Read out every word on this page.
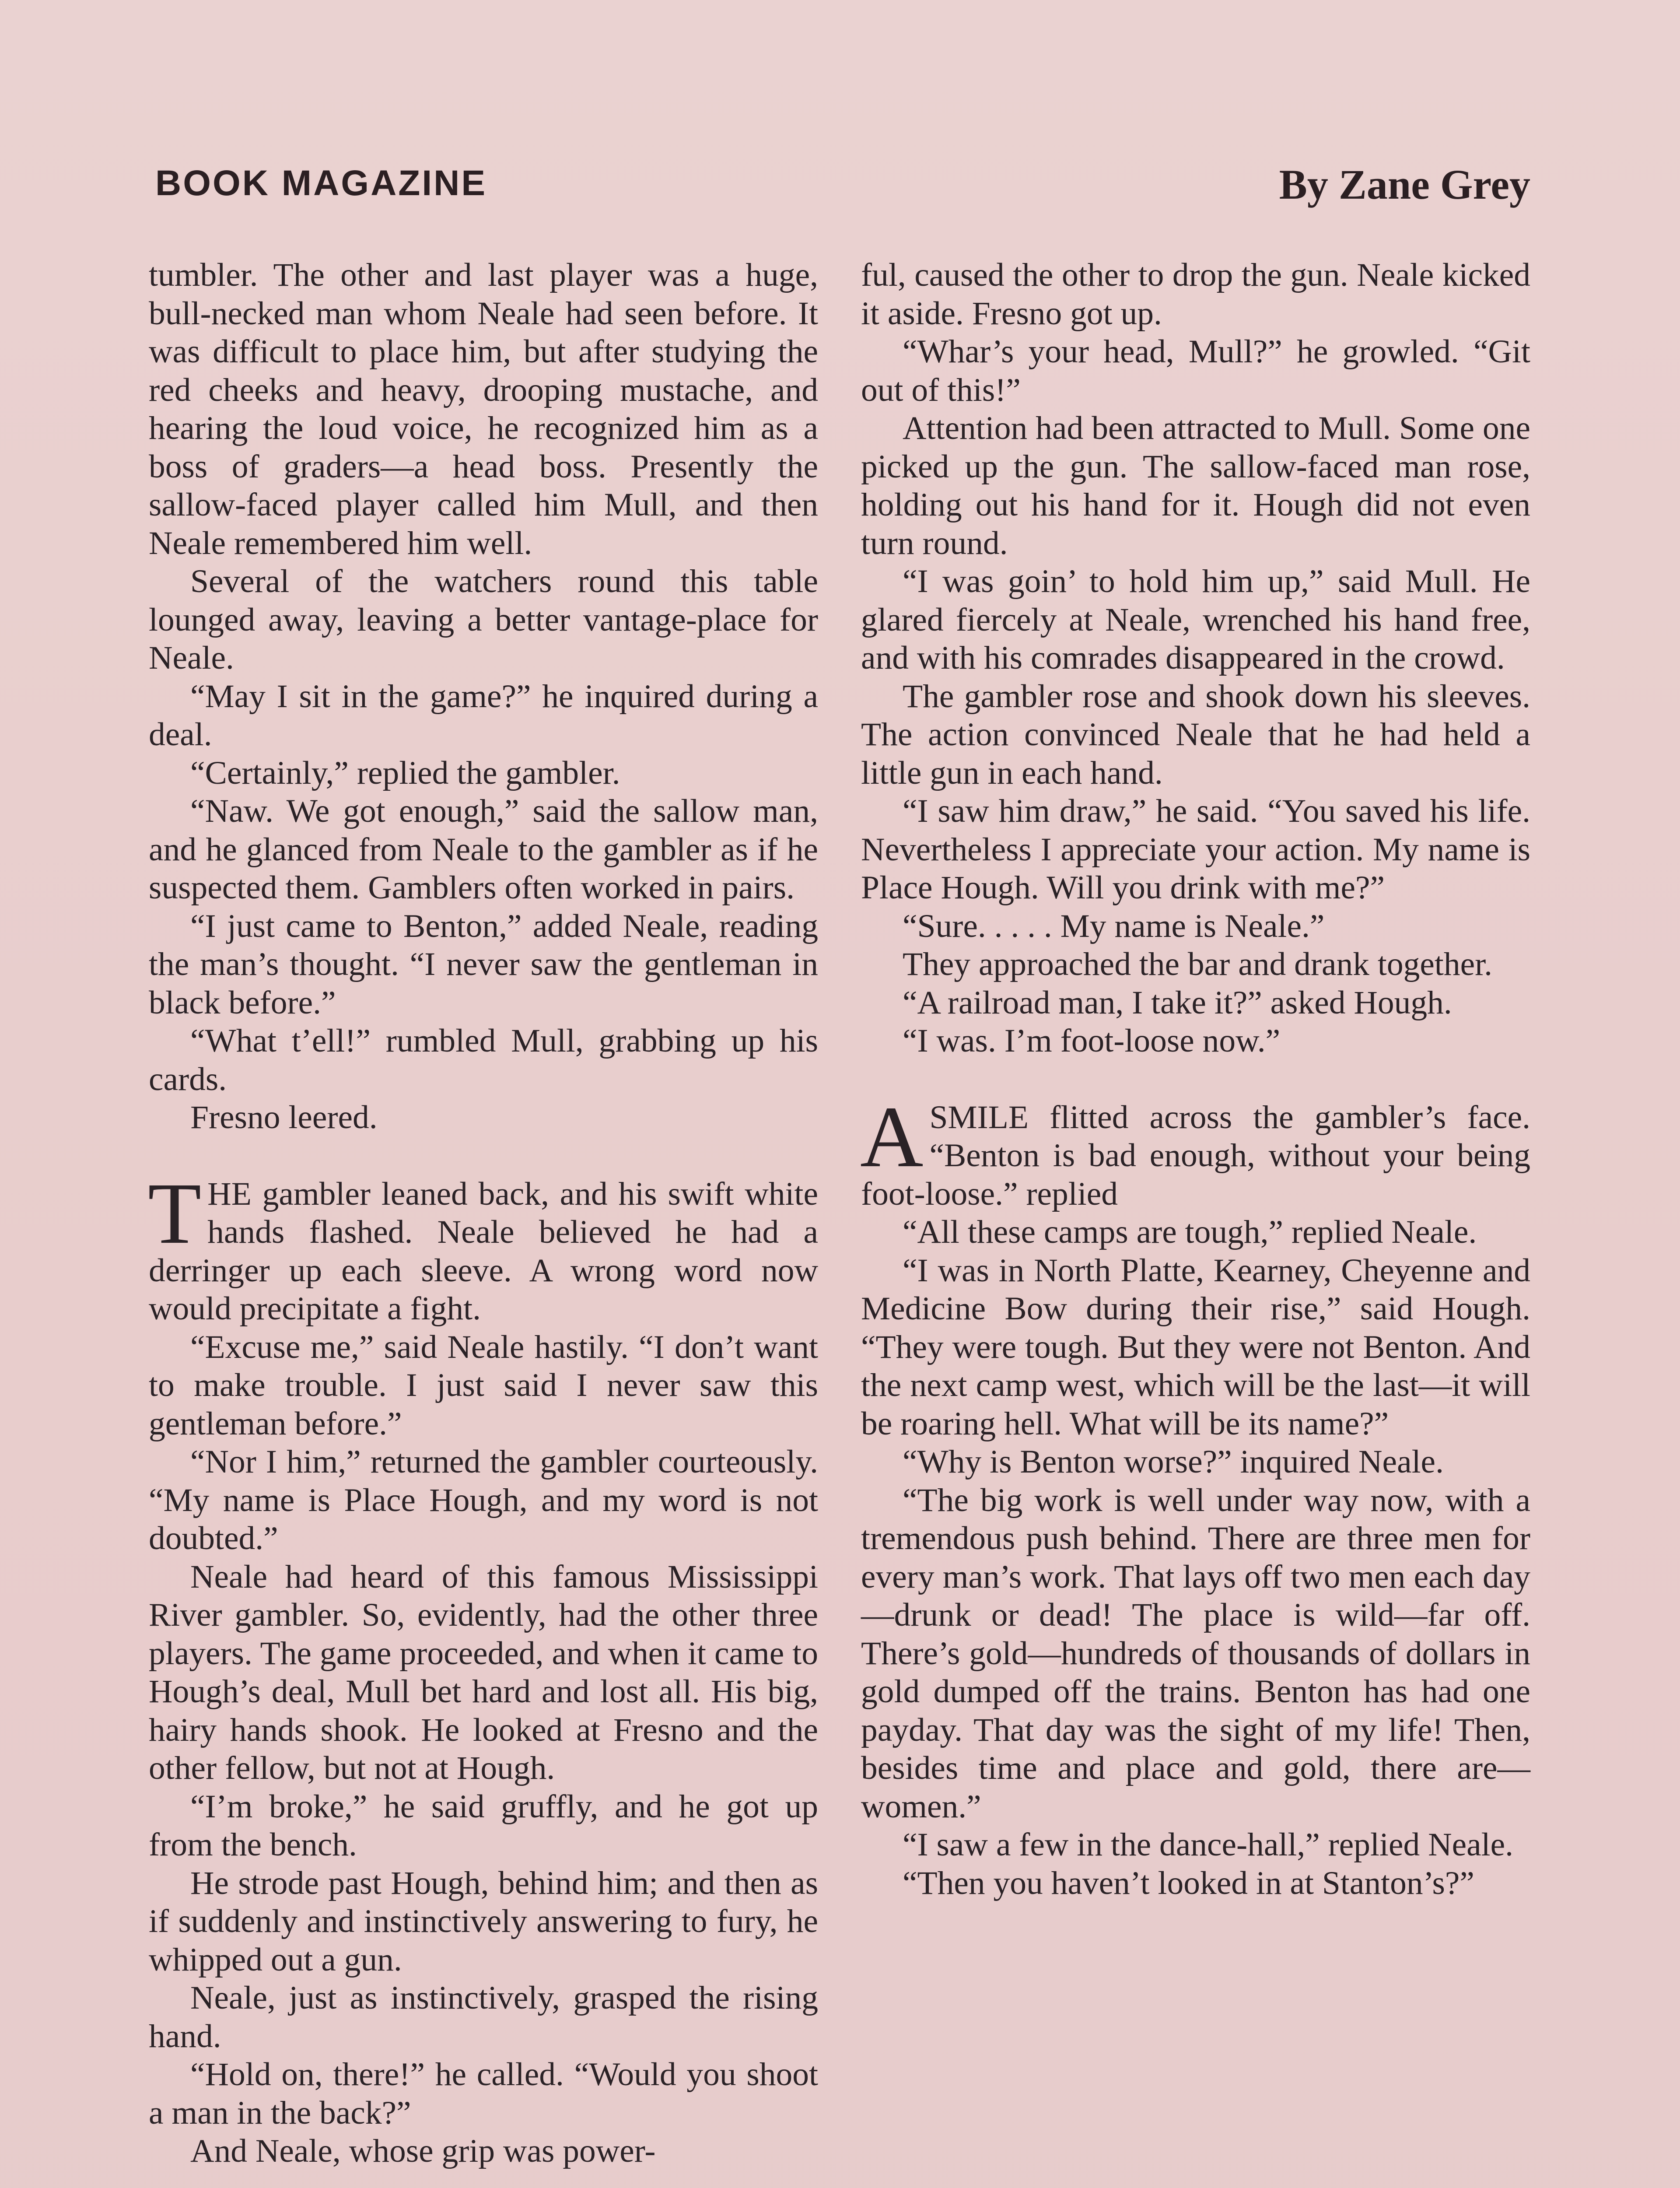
BOOK MAGAZINE	By Zane Grey

tumbler. The other and last player was a huge, bull-necked man whom Neale had seen before. It was difficult to place him, but after studying the red cheeks and heavy, drooping mustache, and hearing the loud voice, he recognized him as a boss of graders—a head boss. Presently the sallow-faced player called him Mull, and then Neale remembered him well.

Several of the watchers round this table lounged away, leaving a better vantage-place for Neale.

“May I sit in the game?” he inquired during a deal.

“Certainly,” replied the gambler.

“Naw. We got enough,” said the sallow man, and he glanced from Neale to the gambler as if he suspected them. Gamblers often worked in pairs.

“I just came to Benton,” added Neale, reading the man’s thought. “I never saw the gentleman in black before.”

“What t’ell!” rumbled Mull, grabbing up his cards.

Fresno leered.

THE gambler leaned back, and his swift white hands flashed. Neale believed he had a derringer up each sleeve. A wrong word now would precipitate a fight.

“Excuse me,” said Neale hastily. “I don’t want to make trouble. I just said I never saw this gentleman before.”

“Nor I him,” returned the gambler courteously. “My name is Place Hough, and my word is not doubted.”

Neale had heard of this famous Mississippi River gambler. So, evidently, had the other three players. The game proceeded, and when it came to Hough’s deal, Mull bet hard and lost all. His big, hairy hands shook. He looked at Fresno and the other fellow, but not at Hough.

“I’m broke,” he said gruffly, and he got up from the bench.

He strode past Hough, behind him; and then as if suddenly and instinctively answering to fury, he whipped out a gun.

Neale, just as instinctively, grasped the rising hand.

“Hold on, there!” he called. “Would you shoot a man in the back?”

And Neale, whose grip was power-

ful, caused the other to drop the gun. Neale kicked it aside. Fresno got up.

“Whar’s your head, Mull?” he growled. “Git out of this!”

Attention had been attracted to Mull. Some one picked up the gun. The sallow-faced man rose, holding out his hand for it. Hough did not even turn round.

“I was goin’ to hold him up,” said Mull. He glared fiercely at Neale, wrenched his hand free, and with his comrades disappeared in the crowd.

The gambler rose and shook down his sleeves. The action convinced Neale that he had held a little gun in each hand.

“I saw him draw,” he said. “You saved his life. Nevertheless I appreciate your action. My name is Place Hough. Will you drink with me?”

“Sure. . . . . My name is Neale.”

They approached the bar and drank together.

“A railroad man, I take it?” asked Hough.

“I was. I’m foot-loose now.”

ASMILE flitted across the gambler’s face. “Benton is bad enough, without your being foot-loose.” replied

“All these camps are tough,” replied Neale.

“I was in North Platte, Kearney, Cheyenne and Medicine Bow during their rise,” said Hough. “They were tough. But they were not Benton. And the next camp west, which will be the last—it will be roaring hell. What will be its name?”

“Why is Benton worse?” inquired Neale.

“The big work is well under way now, with a tremendous push behind. There are three men for every man’s work. That lays off two men each day —drunk or dead! The place is wild—far off. There’s gold—hundreds of thousands of dollars in gold dumped off the trains. Benton has had one payday. That day was the sight of my life! Then, besides time and place and gold, there are—women.”

“I saw a few in the dance-hall,” replied Neale.

“Then you haven’t looked in at Stanton’s?”
